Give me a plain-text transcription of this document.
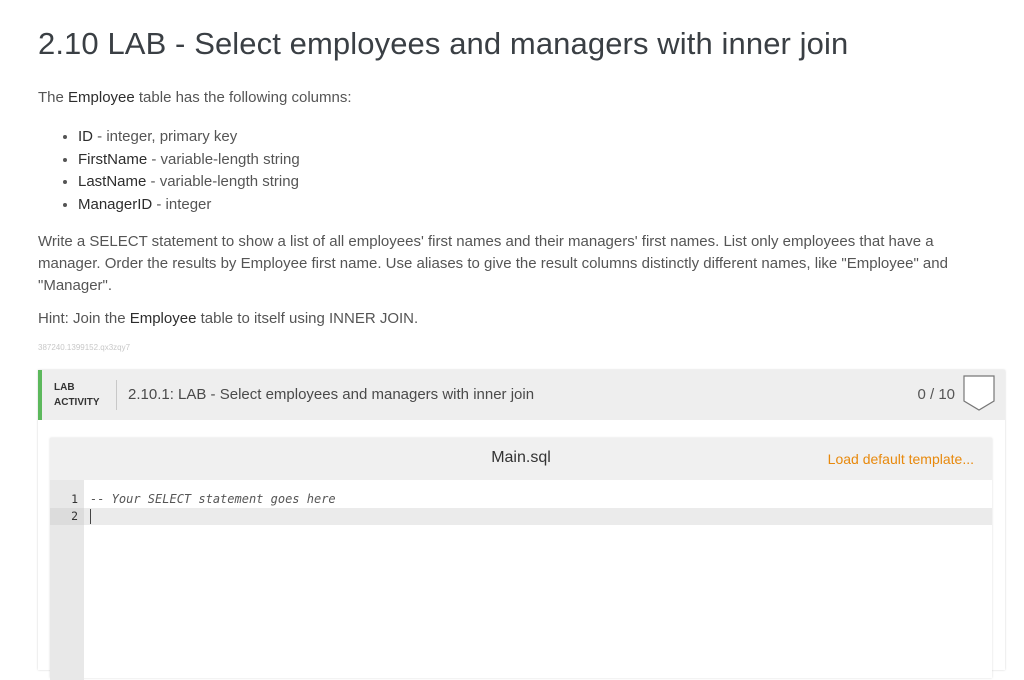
2.10 LAB - Select employees and managers with inner join

The Employee table has the following columns:

• ID - integer, primary key
• FirstName - variable-length string
• LastName - variable-length string
• ManagerID - integer

Write a SELECT statement to show a list of all employees' first names and their managers' first names. List only employees that have a manager. Order the results by Employee first name. Use aliases to give the result columns distinctly different names, like "Employee" and "Manager".

Hint: Join the Employee table to itself using INNER JOIN.

387240.1399152.qx3zqy7
LAB
ACTIVITY 2.10.1: LAB - Select employees and managers with inner join	0 / 10
Main.sql	Load default template...
1
2
-- Your SELECT statement goes here
